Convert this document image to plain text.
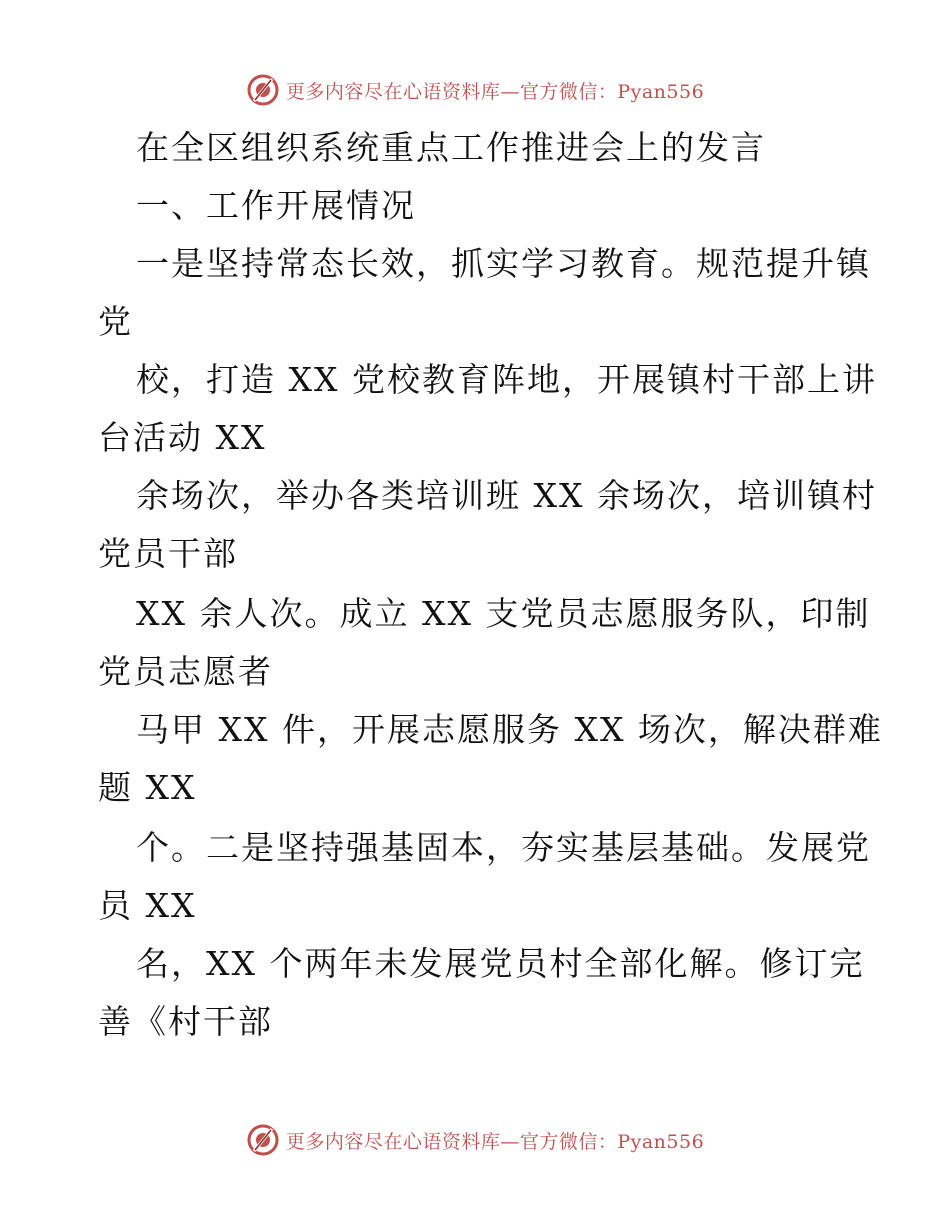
更多内容尽在心语资料库—官方微信：Pyan556
在全区组织系统重点工作推进会上的发言
一、工作开展情况
一是坚持常态长效，抓实学习教育。规范提升镇
党
校，打造 XX 党校教育阵地，开展镇村干部上讲
台活动 XX
余场次，举办各类培训班 XX 余场次，培训镇村
党员干部
XX 余人次。成立 XX 支党员志愿服务队，印制
党员志愿者
马甲 XX 件，开展志愿服务 XX 场次，解决群难
题 XX
个。二是坚持强基固本，夯实基层基础。发展党
员 XX
名，XX 个两年未发展党员村全部化解。修订完
善《村干部
更多内容尽在心语资料库—官方微信：Pyan556
